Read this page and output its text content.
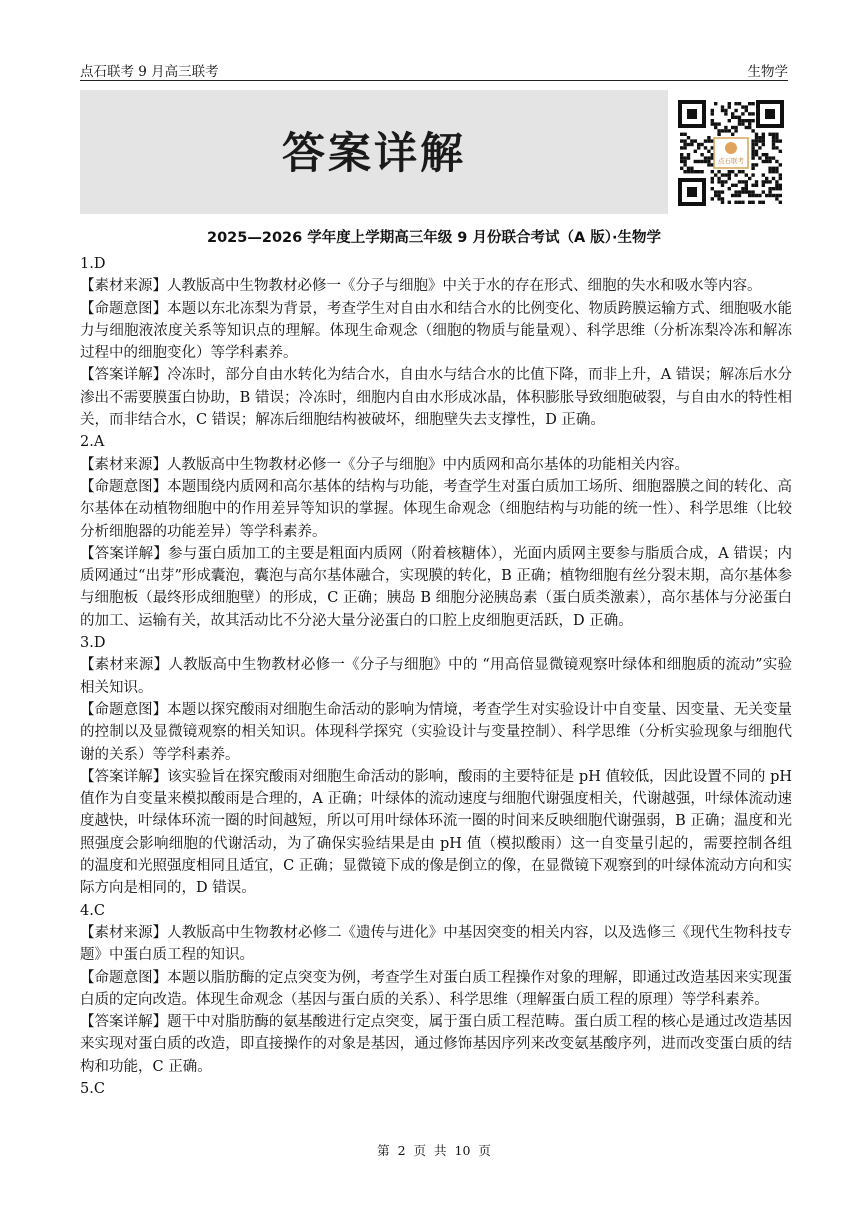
点石联考 9 月高三联考	生物学
答案详解	点石联考
2025—2026 学年度上学期高三年级 9 月份联合考试（A 版）·生物学

1.D

【素材来源】人教版高中生物教材必修一《分子与细胞》中关于水的存在形式、细胞的失水和吸水等内容。

【命题意图】本题以东北冻梨为背景，考查学生对自由水和结合水的比例变化、物质跨膜运输方式、细胞吸水能力与细胞液浓度关系等知识点的理解。体现生命观念（细胞的物质与能量观）、科学思维（分析冻梨冷冻和解冻过程中的细胞变化）等学科素养。

【答案详解】冷冻时，部分自由水转化为结合水，自由水与结合水的比值下降，而非上升，A 错误；解冻后水分渗出不需要膜蛋白协助，B 错误；冷冻时，细胞内自由水形成冰晶，体积膨胀导致细胞破裂，与自由水的特性相关，而非结合水，C 错误；解冻后细胞结构被破坏，细胞壁失去支撑性，D 正确。

2.A

【素材来源】人教版高中生物教材必修一《分子与细胞》中内质网和高尔基体的功能相关内容。

【命题意图】本题围绕内质网和高尔基体的结构与功能，考查学生对蛋白质加工场所、细胞器膜之间的转化、高尔基体在动植物细胞中的作用差异等知识的掌握。体现生命观念（细胞结构与功能的统一性）、科学思维（比较分析细胞器的功能差异）等学科素养。

【答案详解】参与蛋白质加工的主要是粗面内质网（附着核糖体），光面内质网主要参与脂质合成，A 错误；内质网通过“出芽”形成囊泡，囊泡与高尔基体融合，实现膜的转化，B 正确；植物细胞有丝分裂末期，高尔基体参与细胞板（最终形成细胞壁）的形成，C 正确；胰岛 B 细胞分泌胰岛素（蛋白质类激素），高尔基体与分泌蛋白的加工、运输有关，故其活动比不分泌大量分泌蛋白的口腔上皮细胞更活跃，D 正确。

3.D

【素材来源】人教版高中生物教材必修一《分子与细胞》中的 “用高倍显微镜观察叶绿体和细胞质的流动”实验相关知识。

【命题意图】本题以探究酸雨对细胞生命活动的影响为情境，考查学生对实验设计中自变量、因变量、无关变量的控制以及显微镜观察的相关知识。体现科学探究（实验设计与变量控制）、科学思维（分析实验现象与细胞代谢的关系）等学科素养。

【答案详解】该实验旨在探究酸雨对细胞生命活动的影响，酸雨的主要特征是 pH 值较低，因此设置不同的 pH 值作为自变量来模拟酸雨是合理的，A 正确；叶绿体的流动速度与细胞代谢强度相关，代谢越强，叶绿体流动速度越快，叶绿体环流一圈的时间越短，所以可用叶绿体环流一圈的时间来反映细胞代谢强弱，B 正确；温度和光照强度会影响细胞的代谢活动，为了确保实验结果是由 pH 值（模拟酸雨）这一自变量引起的，需要控制各组的温度和光照强度相同且适宜，C 正确；显微镜下成的像是倒立的像，在显微镜下观察到的叶绿体流动方向和实际方向是相同的，D 错误。

4.C

【素材来源】人教版高中生物教材必修二《遗传与进化》中基因突变的相关内容，以及选修三《现代生物科技专题》中蛋白质工程的知识。

【命题意图】本题以脂肪酶的定点突变为例，考查学生对蛋白质工程操作对象的理解，即通过改造基因来实现蛋白质的定向改造。体现生命观念（基因与蛋白质的关系）、科学思维（理解蛋白质工程的原理）等学科素养。

【答案详解】题干中对脂肪酶的氨基酸进行定点突变，属于蛋白质工程范畴。蛋白质工程的核心是通过改造基因来实现对蛋白质的改造，即直接操作的对象是基因，通过修饰基因序列来改变氨基酸序列，进而改变蛋白质的结构和功能，C 正确。

5.C

第 2 页 共 10 页
